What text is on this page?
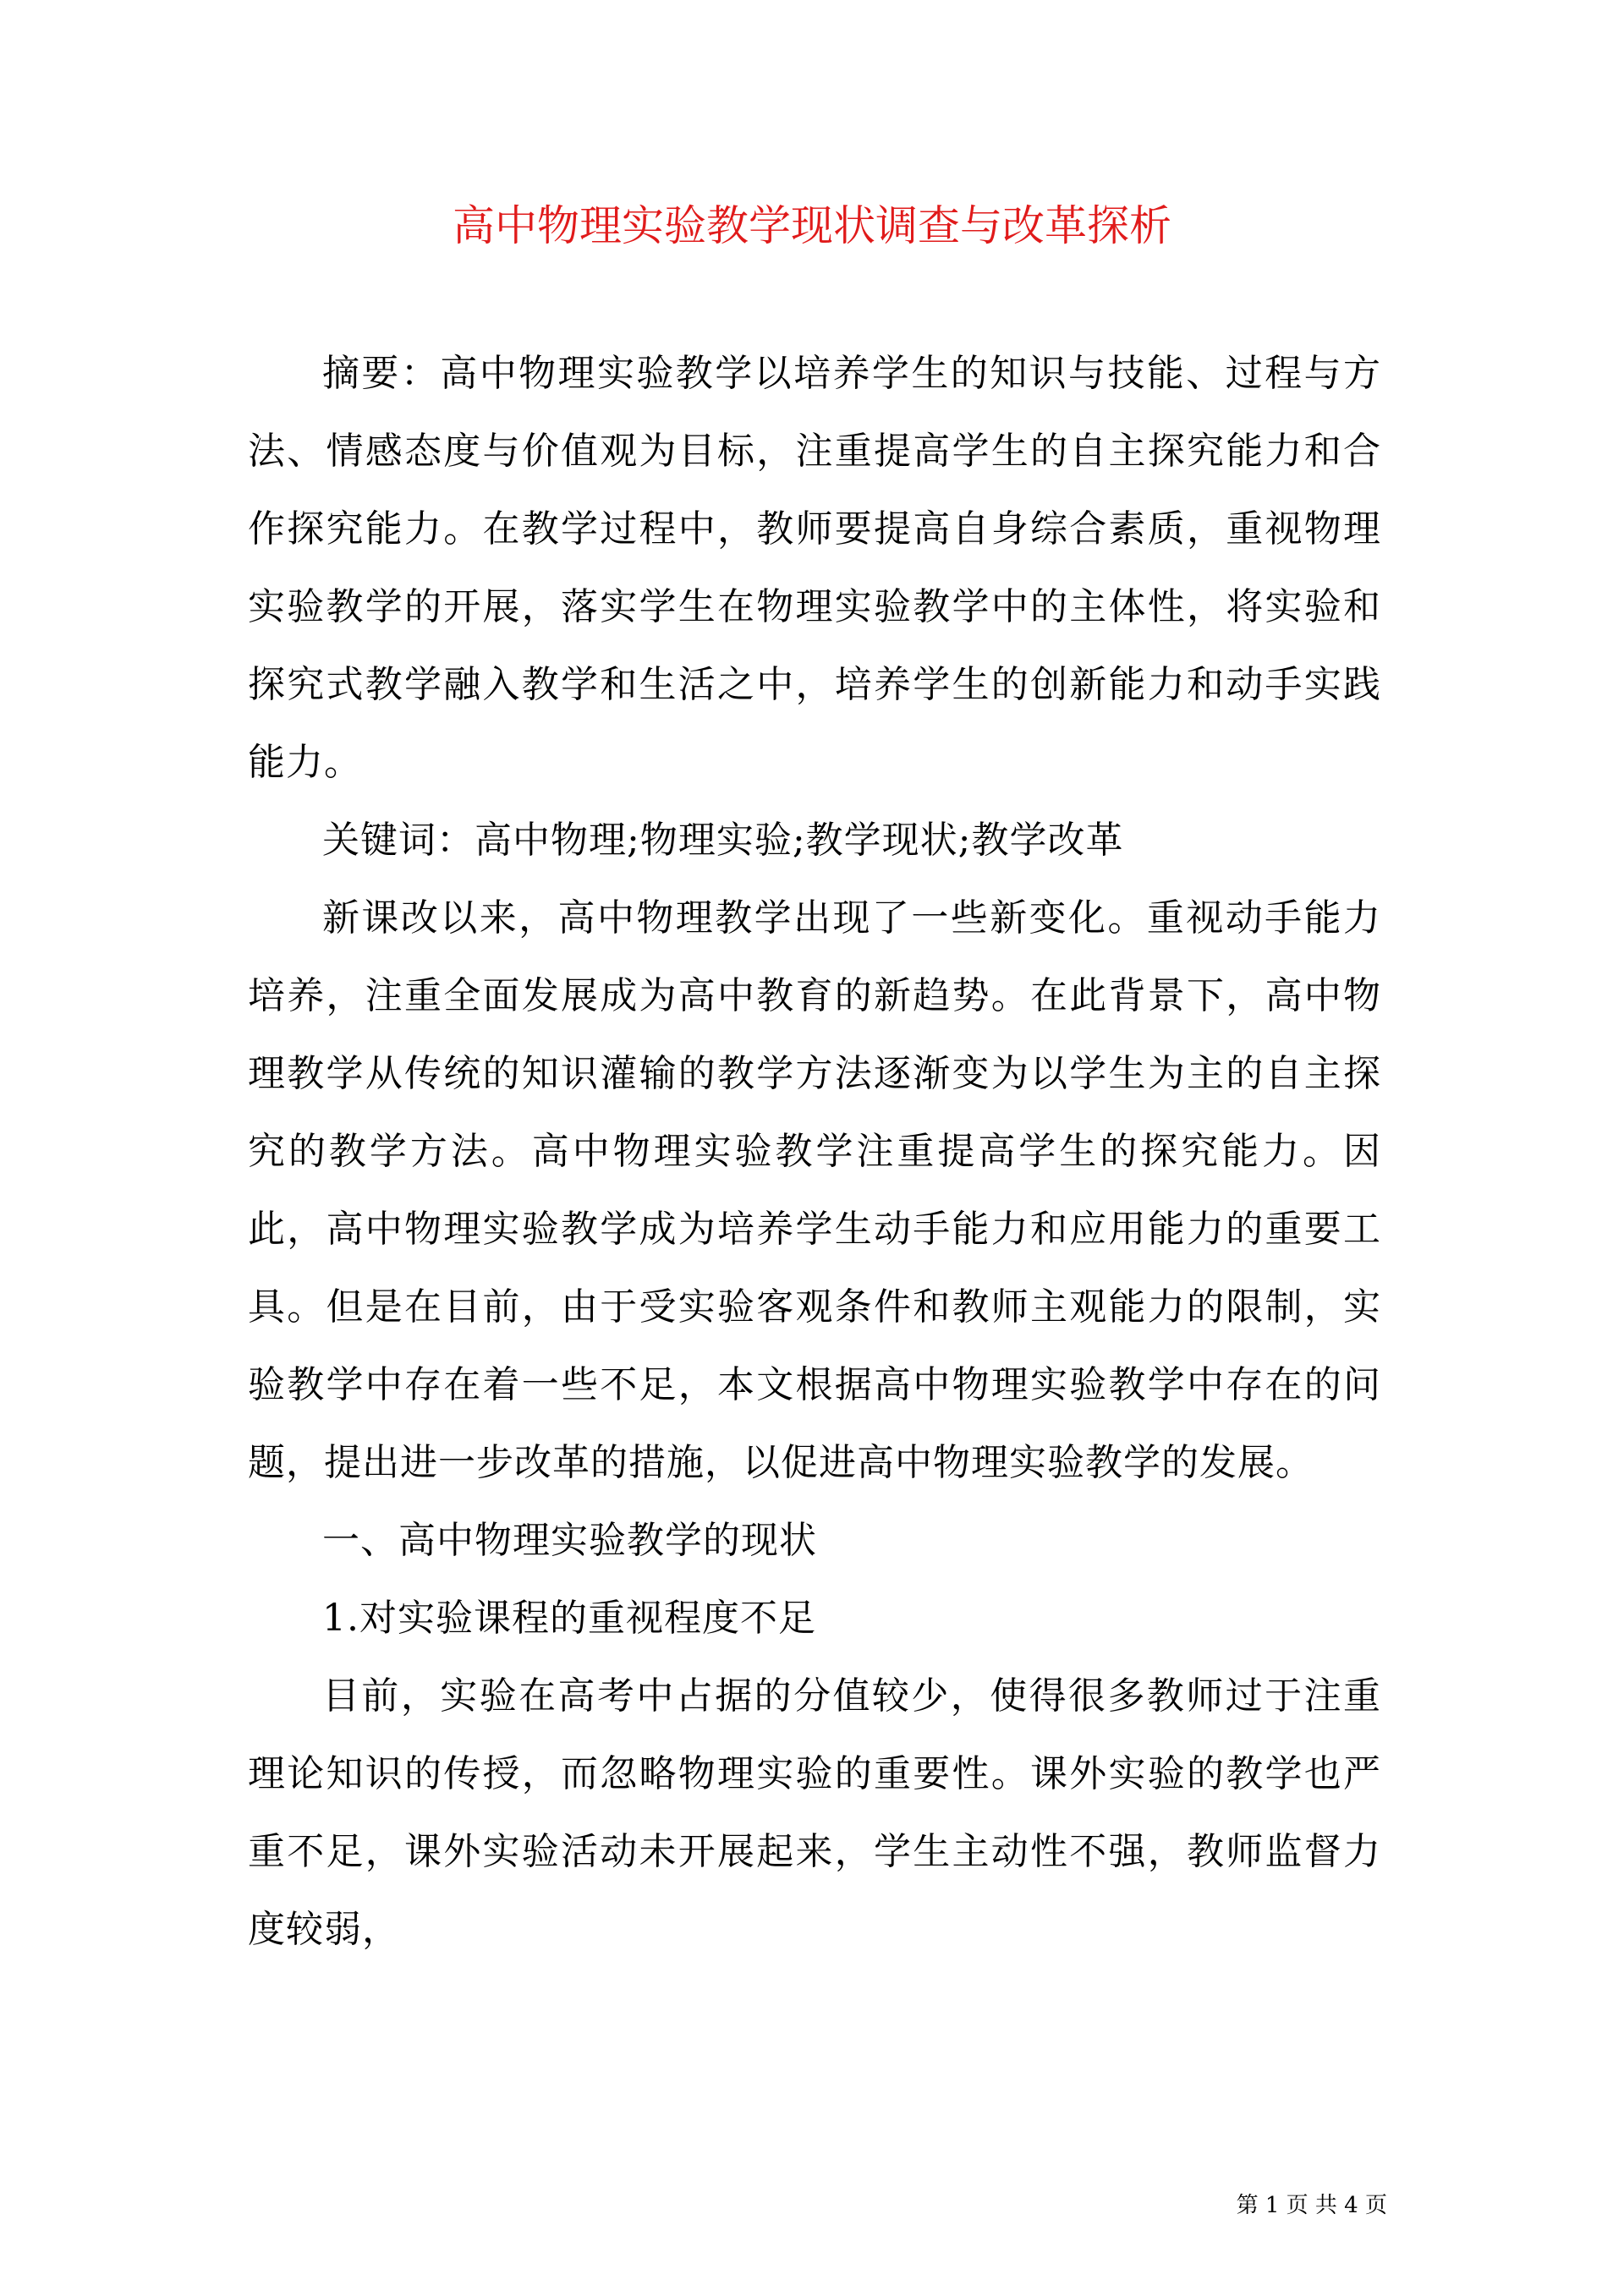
高中物理实验教学现状调查与改革探析

摘要：高中物理实验教学以培养学生的知识与技能、过程与方法、情感态度与价值观为目标，注重提高学生的自主探究能力和合作探究能力。在教学过程中，教师要提高自身综合素质，重视物理实验教学的开展，落实学生在物理实验教学中的主体性，将实验和探究式教学融入教学和生活之中，培养学生的创新能力和动手实践能力。

关键词：高中物理;物理实验;教学现状;教学改革

新课改以来，高中物理教学出现了一些新变化。重视动手能力培养，注重全面发展成为高中教育的新趋势。在此背景下，高中物理教学从传统的知识灌输的教学方法逐渐变为以学生为主的自主探究的教学方法。高中物理实验教学注重提高学生的探究能力。因此，高中物理实验教学成为培养学生动手能力和应用能力的重要工具。但是在目前，由于受实验客观条件和教师主观能力的限制，实验教学中存在着一些不足，本文根据高中物理实验教学中存在的问题，提出进一步改革的措施，以促进高中物理实验教学的发展。

一、高中物理实验教学的现状

1.对实验课程的重视程度不足

目前，实验在高考中占据的分值较少，使得很多教师过于注重理论知识的传授，而忽略物理实验的重要性。课外实验的教学也严重不足，课外实验活动未开展起来，学生主动性不强，教师监督力度较弱，

第 1 页 共 4 页
